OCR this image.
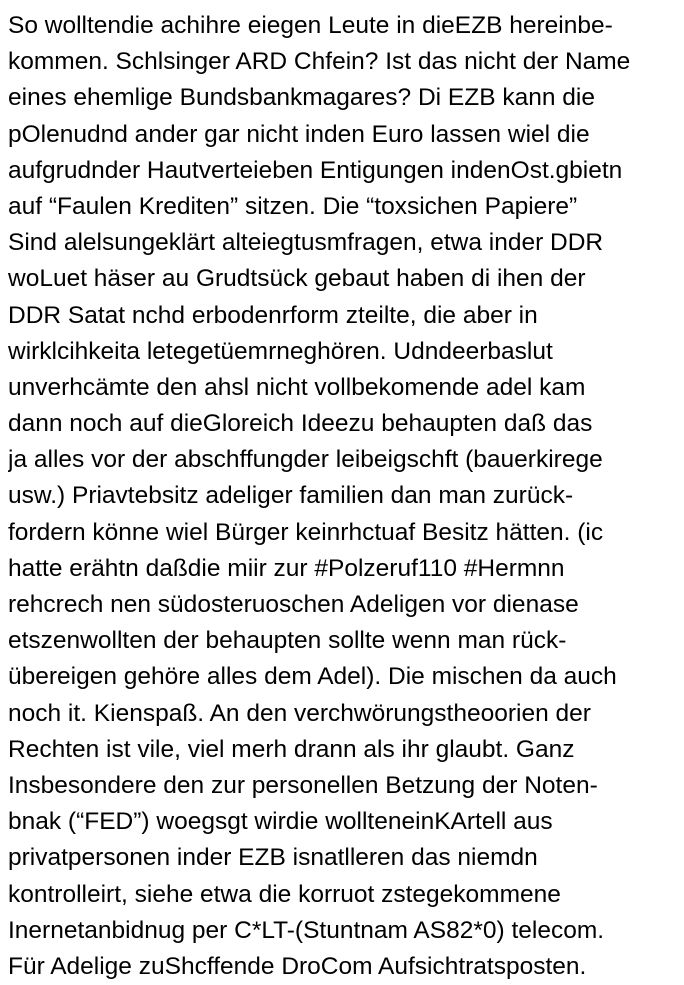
So wolltendie achihre eiegen Leute in dieEZB hereinbe-
kommen. Schlsinger ARD Chfein? Ist das nicht der Name
eines ehemlige Bundsbankmagares? Di EZB kann die
pOlenudnd ander gar nicht inden Euro lassen wiel die
aufgrudnder Hautverteieben Entigungen indenOst.gbietn
auf “Faulen Krediten” sitzen. Die “toxsichen Papiere”
Sind alelsungeklärt alteiegtusmfragen, etwa inder DDR
woLuet häser au Grudtsück gebaut haben di ihen der
DDR Satat nchd erbodenrform zteilte, die aber in
wirklcihkeita letegetüemrneghören. Udndeerbaslut
unverhcämte den ahsl nicht vollbekomende adel kam
dann noch auf dieGloreich Ideezu behaupten daß das
ja alles vor der abschffungder leibeigschft (bauerkirege
usw.) Priavtebsitz adeliger familien dan man zurück-
fordern könne wiel Bürger keinrhctuaf Besitz hätten. (ic
hatte erähtn daßdie miir zur #Polzeruf110 #Hermnn
rehcrech nen südosteruoschen Adeligen vor dienase
etszenwollten der behaupten sollte wenn man rück-
übereigen gehöre alles dem Adel). Die mischen da auch
noch it. Kienspaß. An den verchwörungstheoorien der
Rechten ist vile, viel merh drann als ihr glaubt. Ganz
Insbesondere den zur personellen Betzung der Noten-
bnak (“FED”) woegsgt wirdie wollteneinKArtell aus
privatpersonen inder EZB isnatlleren das niemdn
kontrolleirt, siehe etwa die korruot zstegekommene
Inernetanbidnug per C*LT-(Stuntnam AS82*0) telecom.
Für Adelige zuShcffende DroCom Aufsichtratsposten.
